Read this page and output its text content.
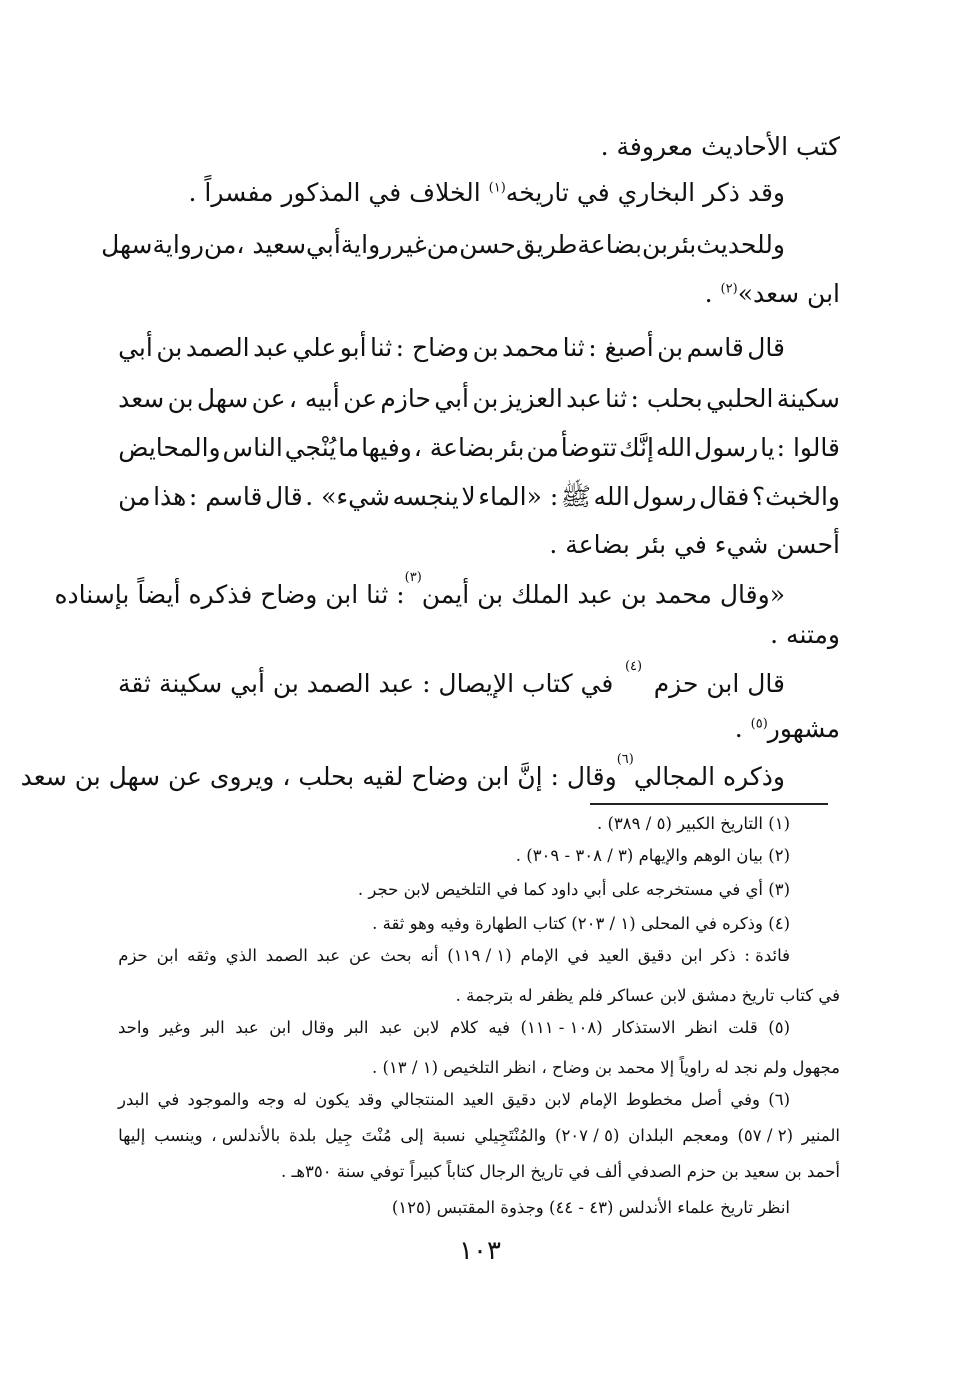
كتب الأحاديث معروفة .
وقد ذكر البخاري في تاريخه$^{(١)}$ الخلاف في المذكور مفسراً .
وللحديث
بئر
بن
بضاعة
طريق
حسن
من
غير
رواية
أبي
سعيد ،
من
رواية
سهل
ابن سعد»$^{(٢)}$ .
قال
قاسم
بن
أصبغ :
ثنا
محمد
بن
وضاح :
ثنا
أبو
علي
عبد
الصمد
بن
أبي
سكينة
الحلبي
بحلب :
ثنا
عبد
العزيز
بن
أبي
حازم
عن
أبيه ،
عن
سهل
بن
سعد
قالوا :
يا
رسول
الله
إنَّك
تتوضأ
من
بئر
بضاعة ،
وفيها
ما
يُنْجي
الناس
والمحايض
والخبث؟
فقال
رسول
الله
ﷺ
: «الماء
لا
ينجسه
شيء» .
قال
قاسم :
هذا
من
أحسن شيء في بئر بضاعة .
«وقال محمد بن عبد الملك بن أيمن
(٣)
: ثنا ابن وضاح فذكره أيضاً بإسناده
ومتنه .
قال ابن حزم
(٤)
في كتاب الإيصال : عبد الصمد بن أبي سكينة ثقة
مشهور$^{(٥)}$ .
وذكره المجالي
(٦)
وقال : إنَّ ابن وضاح لقيه بحلب ، ويروى عن سهل بن سعد
(١) التاريخ الكبير (٥ / ٣٨٩) .
(٢) بيان الوهم والإيهام (٣ / ٣٠٨ - ٣٠٩) .
(٣) أي في مستخرجه على أبي داود كما في التلخيص لابن حجر .
(٤) وذكره في المحلى (١ / ٢٠٣) كتاب الطهارة وفيه وهو ثقة .
فائدة :
ذكر
ابن
دقيق
العيد
في
الإمام
(١ / ١١٩)
أنه
بحث
عن
عبد
الصمد
الذي
وثقه
ابن
حزم
في كتاب تاريخ دمشق لابن عساكر فلم يظفر له بترجمة .
(٥)
قلت
انظر
الاستذكار
(١٠٨ - ١١١)
فيه
كلام
لابن
عبد
البر
وقال
ابن
عبد
البر
وغير
واحد
مجهول ولم نجد له راوياً إلا محمد بن وضاح ، انظر التلخيص (١ / ١٣) .
(٦)
وفي
أصل
مخطوط
الإمام
لابن
دقيق
العيد
المنتجالي
وقد
يكون
له
وجه
والموجود
في
البدر
المنير
(٢ / ٥٧)
ومعجم
البلدان
(٥ / ٢٠٧)
والمُنْتَجِيلي
نسبة
إلى
مُنْتَ
جِيل
بلدة
بالأندلس ،
وينسب
إليها
أحمد بن سعيد بن حزم الصدفي ألف في تاريخ الرجال كتاباً كبيراً توفي سنة ٣٥٠هـ .
انظر تاريخ علماء الأندلس (٤٣ - ٤٤) وجذوة المقتبس (١٢٥)
١٠٣
